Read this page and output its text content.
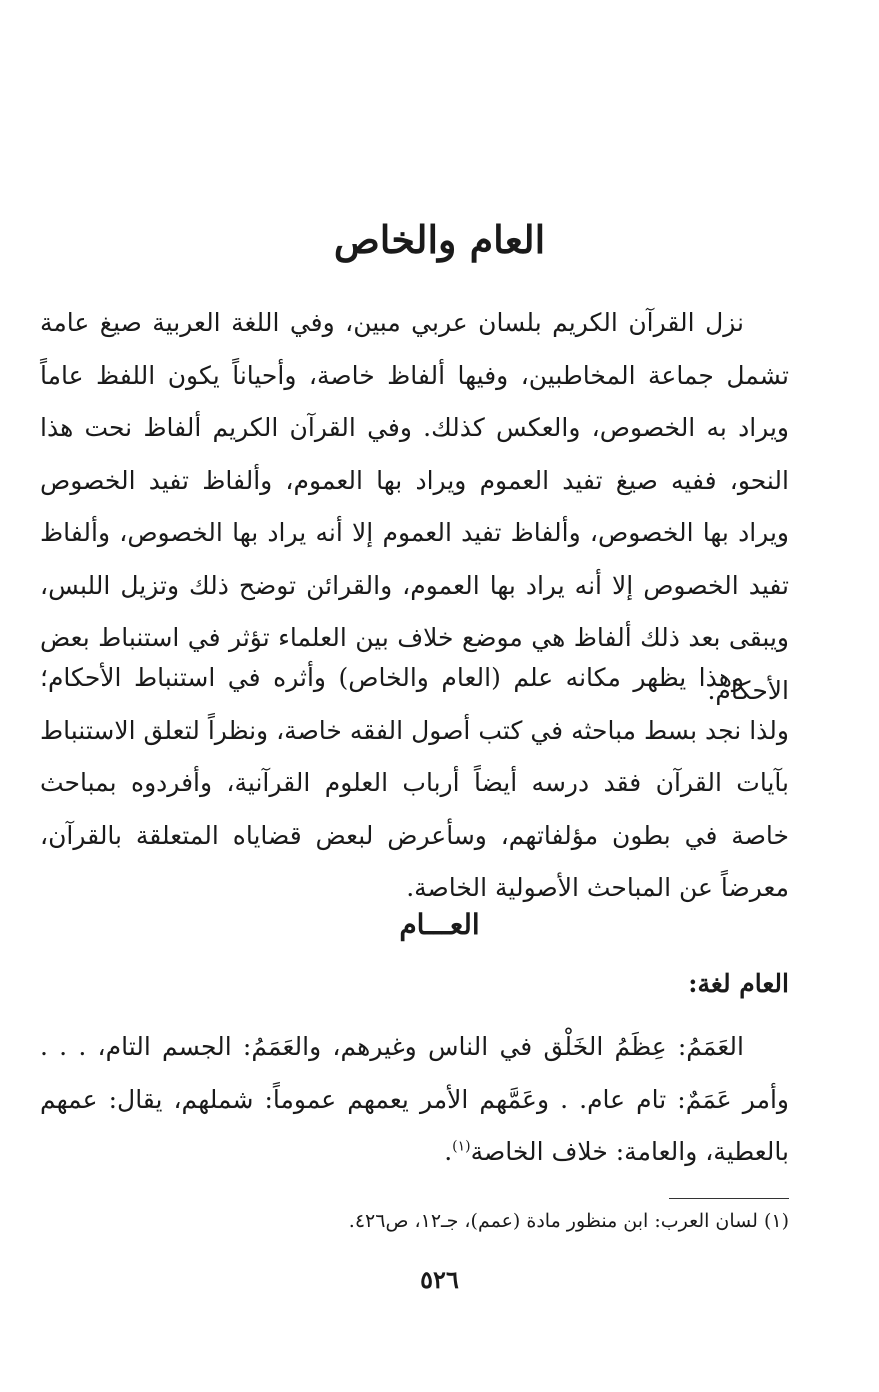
العام والخاص

نزل القرآن الكريم بلسان عربي مبين، وفي اللغة العربية صيغ عامة تشمل جماعة المخاطبين، وفيها ألفاظ خاصة، وأحياناً يكون اللفظ عاماً ويراد به الخصوص، والعكس كذلك. وفي القرآن الكريم ألفاظ نحت هذا النحو، ففيه صيغ تفيد العموم ويراد بها العموم، وألفاظ تفيد الخصوص ويراد بها الخصوص، وألفاظ تفيد العموم إلا أنه يراد بها الخصوص، وألفاظ تفيد الخصوص إلا أنه يراد بها العموم، والقرائن توضح ذلك وتزيل اللبس، ويبقى بعد ذلك ألفاظ هي موضع خلاف بين العلماء تؤثر في استنباط بعض الأحكام.

وهذا يظهر مكانه علم (العام والخاص) وأثره في استنباط الأحكام؛ ولذا نجد بسط مباحثه في كتب أصول الفقه خاصة، ونظراً لتعلق الاستنباط بآيات القرآن فقد درسه أيضاً أرباب العلوم القرآنية، وأفردوه بمباحث خاصة في بطون مؤلفاتهم، وسأعرض لبعض قضاياه المتعلقة بالقرآن، معرضاً عن المباحث الأصولية الخاصة.

العـــام
العام لغة:

العَمَمُ: عِظَمُ الخَلْق في الناس وغيرهم، والعَمَمُ: الجسم التام، . . . وأمر عَمَمٌ: تام عام. . وعَمَّهم الأمر يعمهم عموماً: شملهم، يقال: عمهم بالعطية، والعامة: خلاف الخاصة$^{(١)}$.

(١) لسان العرب: ابن منظور مادة (عمم)، جـ١٢، ص٤٢٦.
٥٢٦
